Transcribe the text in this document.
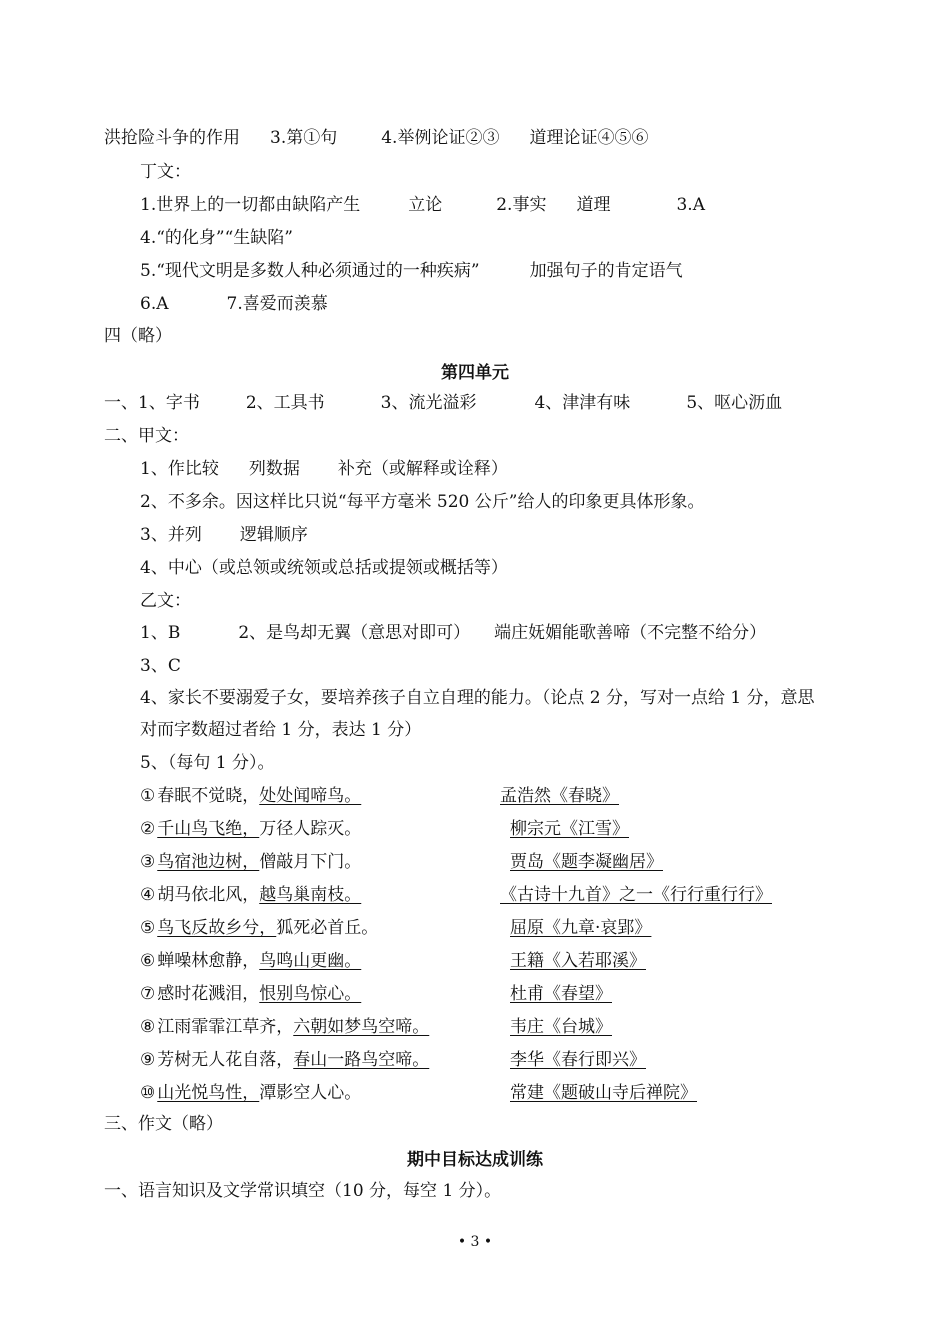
洪抢险斗争的作用 3.第①句	4.举例论证②③ 道理论证④⑤⑥
丁文：
1.世界上的一切都由缺陷产生	立论	2.事实 道理	3.A
4.“的化身”“生缺陷”
5.“现代文明是多数人种必须通过的一种疾病”	加强句子的肯定语气
6.A	7.喜爱而羡慕
四（略）
第四单元
一、1、字书	2、工具书	3、流光溢彩	4、津津有味	5、呕心沥血
二、甲文：
1、作比较 列数据 补充（或解释或诠释）
2、不多余。因这样比只说“每平方毫米 520 公斤”给人的印象更具体形象。
3、并列 逻辑顺序
4、中心（或总领或统领或总括或提领或概括等）
乙文：
1、B	2、是鸟却无翼（意思对即可） 端庄妩媚能歌善啼（不完整不给分）
3、C
4、家长不要溺爱子女，要培养孩子自立自理的能力。（论点 2 分，写对一点给 1 分，意思
对而字数超过者给 1 分，表达 1 分）
5、（每句 1 分）。
① 春眠不觉晓，处处闻啼鸟。	孟浩然《春晓》
② 千山鸟飞绝，万径人踪灭。	柳宗元《江雪》
③ 鸟宿池边树，僧敲月下门。	贾岛《题李凝幽居》
④ 胡马依北风，越鸟巢南枝。	《古诗十九首》之一《行行重行行》
⑤ 鸟飞反故乡兮，狐死必首丘。	屈原《九章·哀郢》
⑥ 蝉噪林愈静，鸟鸣山更幽。	王籍《入若耶溪》
⑦ 感时花溅泪，恨别鸟惊心。	杜甫《春望》
⑧ 江雨霏霏江草齐，六朝如梦鸟空啼。	韦庄《台城》
⑨ 芳树无人花自落，春山一路鸟空啼。	李华《春行即兴》
⑩ 山光悦鸟性，潭影空人心。	常建《题破山寺后禅院》
三、作文（略）
期中目标达成训练
一、语言知识及文学常识填空（10 分，每空 1 分）。
• 3 •
